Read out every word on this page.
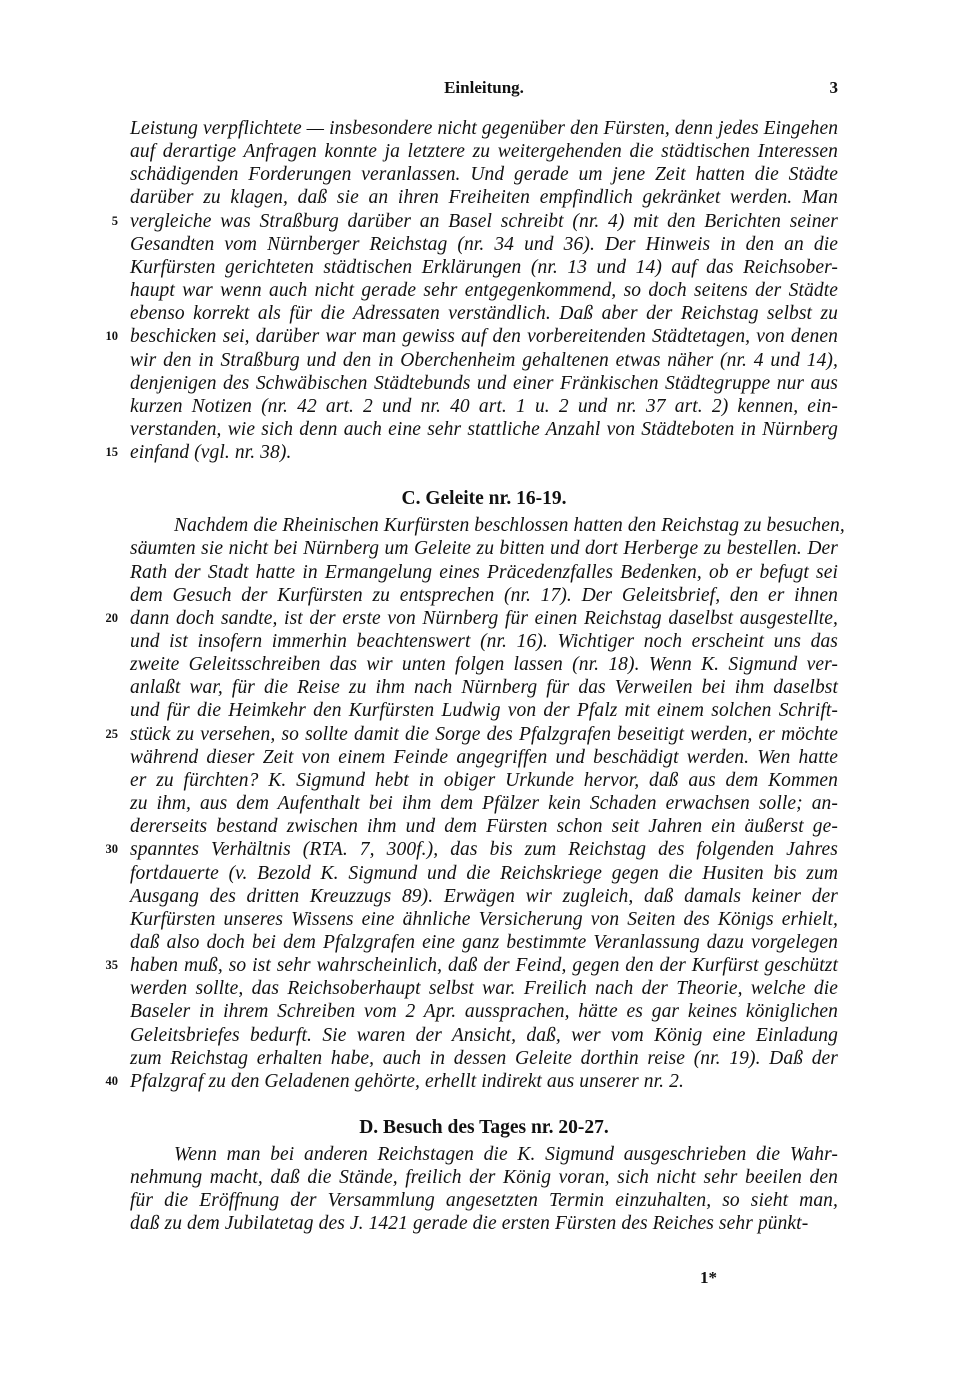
Einleitung.	3
Leistung verpflichtete — insbesondere nicht gegenüber den Fürsten, denn jedes Eingehen
auf derartige Anfragen konnte ja letztere zu weitergehenden die städtischen Interessen
schädigenden Forderungen veranlassen. Und gerade um jene Zeit hatten die Städte
darüber zu klagen, daß sie an ihren Freiheiten empfindlich gekränket werden. Man
vergleiche was Straßburg darüber an Basel schreibt (nr. 4) mit den Berichten seiner
Gesandten vom Nürnberger Reichstag (nr. 34 und 36). Der Hinweis in den an die
Kurfürsten gerichteten städtischen Erklärungen (nr. 13 und 14) auf das Reichsober-
haupt war wenn auch nicht gerade sehr entgegenkommend, so doch seitens der Städte
ebenso korrekt als für die Adressaten verständlich. Daß aber der Reichstag selbst zu
beschicken sei, darüber war man gewiss auf den vorbereitenden Städtetagen, von denen
wir den in Straßburg und den in Oberchenheim gehaltenen etwas näher (nr. 4 und 14),
denjenigen des Schwäbischen Städtebunds und einer Fränkischen Städtegruppe nur aus
kurzen Notizen (nr. 42 art. 2 und nr. 40 art. 1 u. 2 und nr. 37 art. 2) kennen, ein-
verstanden, wie sich denn auch eine sehr stattliche Anzahl von Städteboten in Nürnberg
einfand (vgl. nr. 38).
C. Geleite nr. 16-19.
Nachdem die Rheinischen Kurfürsten beschlossen hatten den Reichstag zu besuchen,
säumten sie nicht bei Nürnberg um Geleite zu bitten und dort Herberge zu bestellen. Der
Rath der Stadt hatte in Ermangelung eines Präcedenzfalles Bedenken, ob er befugt sei
dem Gesuch der Kurfürsten zu entsprechen (nr. 17). Der Geleitsbrief, den er ihnen
dann doch sandte, ist der erste von Nürnberg für einen Reichstag daselbst ausgestellte,
und ist insofern immerhin beachtenswert (nr. 16). Wichtiger noch erscheint uns das
zweite Geleitsschreiben das wir unten folgen lassen (nr. 18). Wenn K. Sigmund ver-
anlaßt war, für die Reise zu ihm nach Nürnberg für das Verweilen bei ihm daselbst
und für die Heimkehr den Kurfürsten Ludwig von der Pfalz mit einem solchen Schrift-
stück zu versehen, so sollte damit die Sorge des Pfalzgrafen beseitigt werden, er möchte
während dieser Zeit von einem Feinde angegriffen und beschädigt werden. Wen hatte
er zu fürchten? K. Sigmund hebt in obiger Urkunde hervor, daß aus dem Kommen
zu ihm, aus dem Aufenthalt bei ihm dem Pfälzer kein Schaden erwachsen solle; an-
dererseits bestand zwischen ihm und dem Fürsten schon seit Jahren ein äußerst ge-
spanntes Verhältnis (RTA. 7, 300f.), das bis zum Reichstag des folgenden Jahres
fortdauerte (v. Bezold K. Sigmund und die Reichskriege gegen die Husiten bis zum
Ausgang des dritten Kreuzzugs 89). Erwägen wir zugleich, daß damals keiner der
Kurfürsten unseres Wissens eine ähnliche Versicherung von Seiten des Königs erhielt,
daß also doch bei dem Pfalzgrafen eine ganz bestimmte Veranlassung dazu vorgelegen
haben muß, so ist sehr wahrscheinlich, daß der Feind, gegen den der Kurfürst geschützt
werden sollte, das Reichsoberhaupt selbst war. Freilich nach der Theorie, welche die
Baseler in ihrem Schreiben vom 2 Apr. aussprachen, hätte es gar keines königlichen
Geleitsbriefes bedurft. Sie waren der Ansicht, daß, wer vom König eine Einladung
zum Reichstag erhalten habe, auch in dessen Geleite dorthin reise (nr. 19). Daß der
Pfalzgraf zu den Geladenen gehörte, erhellt indirekt aus unserer nr. 2.
D. Besuch des Tages nr. 20-27.
Wenn man bei anderen Reichstagen die K. Sigmund ausgeschrieben die Wahr-
nehmung macht, daß die Stände, freilich der König voran, sich nicht sehr beeilen den
für die Eröffnung der Versammlung angesetzten Termin einzuhalten, so sieht man,
daß zu dem Jubilatetag des J. 1421 gerade die ersten Fürsten des Reiches sehr pünkt-
5
10
15
20
25
30
35
40
1*
